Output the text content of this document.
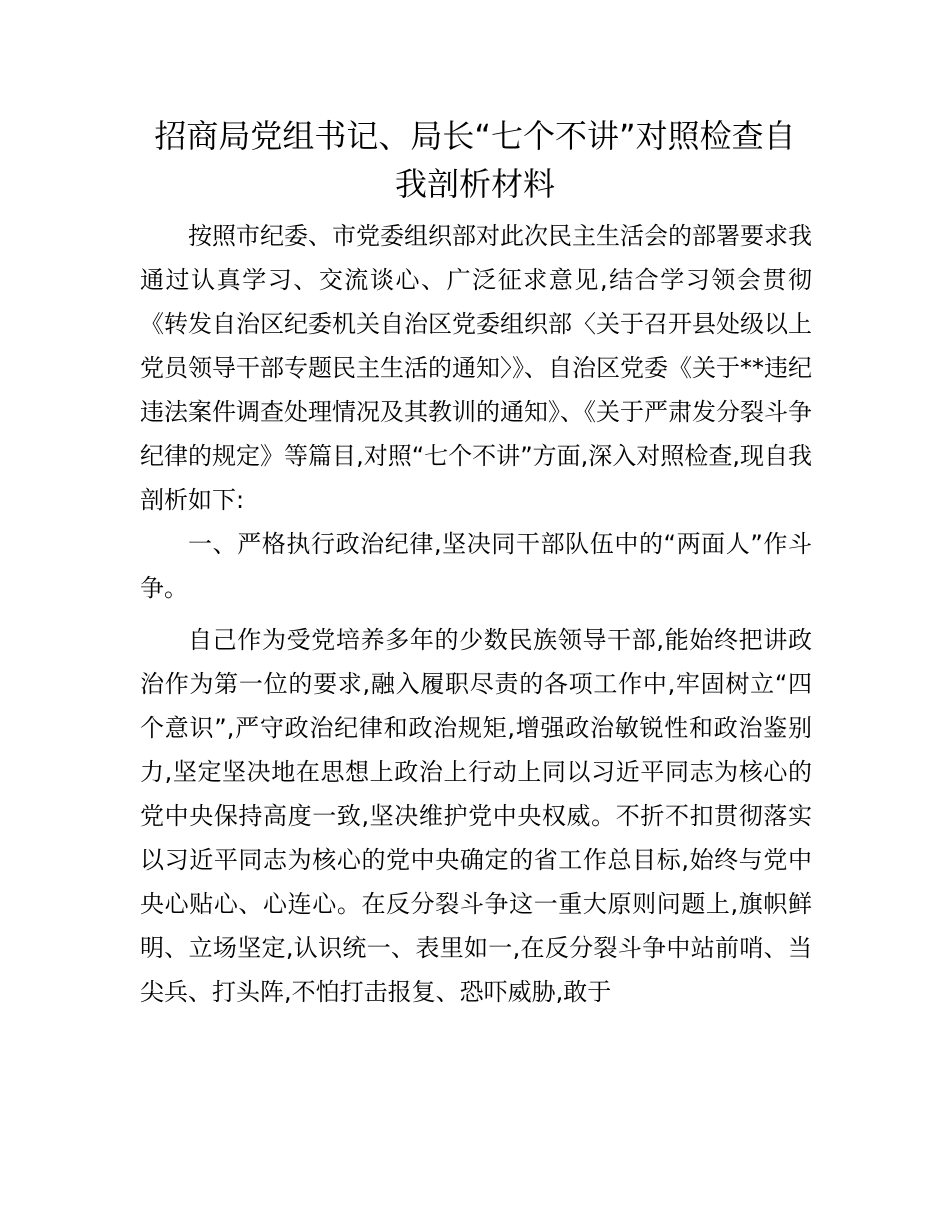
招商局党组书记、局长“七个不讲”对照检查自我剖析材料

按照市纪委、市党委组织部对此次民主生活会的部署要求我通过认真学习、交流谈心、广泛征求意见,结合学习领会贯彻《转发自治区纪委机关自治区党委组织部〈关于召开县处级以上党员领导干部专题民主生活的通知〉》、自治区党委《关于**违纪违法案件调查处理情况及其教训的通知》、《关于严肃发分裂斗争纪律的规定》等篇目,对照“七个不讲”方面,深入对照检查,现自我剖析如下:

一、严格执行政治纪律,坚决同干部队伍中的“两面人”作斗争。

自己作为受党培养多年的少数民族领导干部,能始终把讲政治作为第一位的要求,融入履职尽责的各项工作中,牢固树立“四个意识”,严守政治纪律和政治规矩,增强政治敏锐性和政治鉴别力,坚定坚决地在思想上政治上行动上同以习近平同志为核心的党中央保持高度一致,坚决维护党中央权威。不折不扣贯彻落实以习近平同志为核心的党中央确定的省工作总目标,始终与党中央心贴心、心连心。在反分裂斗争这一重大原则问题上,旗帜鲜明、立场坚定,认识统一、表里如一,在反分裂斗争中站前哨、当尖兵、打头阵,不怕打击报复、恐吓威胁,敢于
